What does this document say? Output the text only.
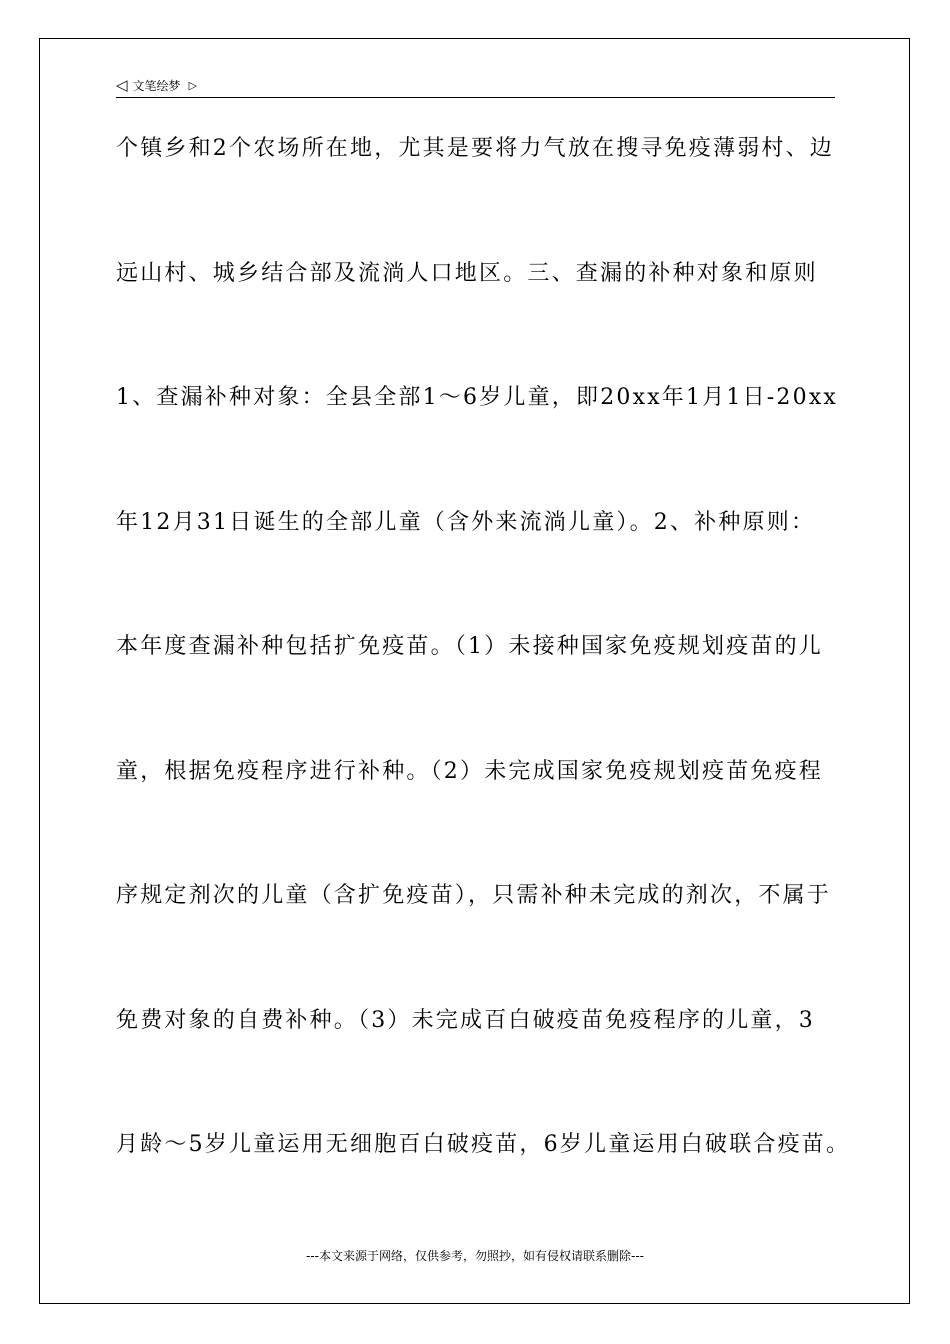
◁ 文笔绘梦 ▷
个镇乡和2个农场所在地，尤其是要将力气放在搜寻免疫薄弱村、边
远山村、城乡结合部及流淌人口地区。三、查漏的补种对象和原则
1、查漏补种对象：全县全部1～6岁儿童，即20xx年1月1日-20xx
年12月31日诞生的全部儿童（含外来流淌儿童）。2、补种原则：
本年度查漏补种包括扩免疫苗。（1）未接种国家免疫规划疫苗的儿
童，根据免疫程序进行补种。（2）未完成国家免疫规划疫苗免疫程
序规定剂次的儿童（含扩免疫苗），只需补种未完成的剂次，不属于
免费对象的自费补种。（3）未完成百白破疫苗免疫程序的儿童，3
月龄～5岁儿童运用无细胞百白破疫苗，6岁儿童运用白破联合疫苗。
---本文来源于网络，仅供参考，勿照抄，如有侵权请联系删除---
